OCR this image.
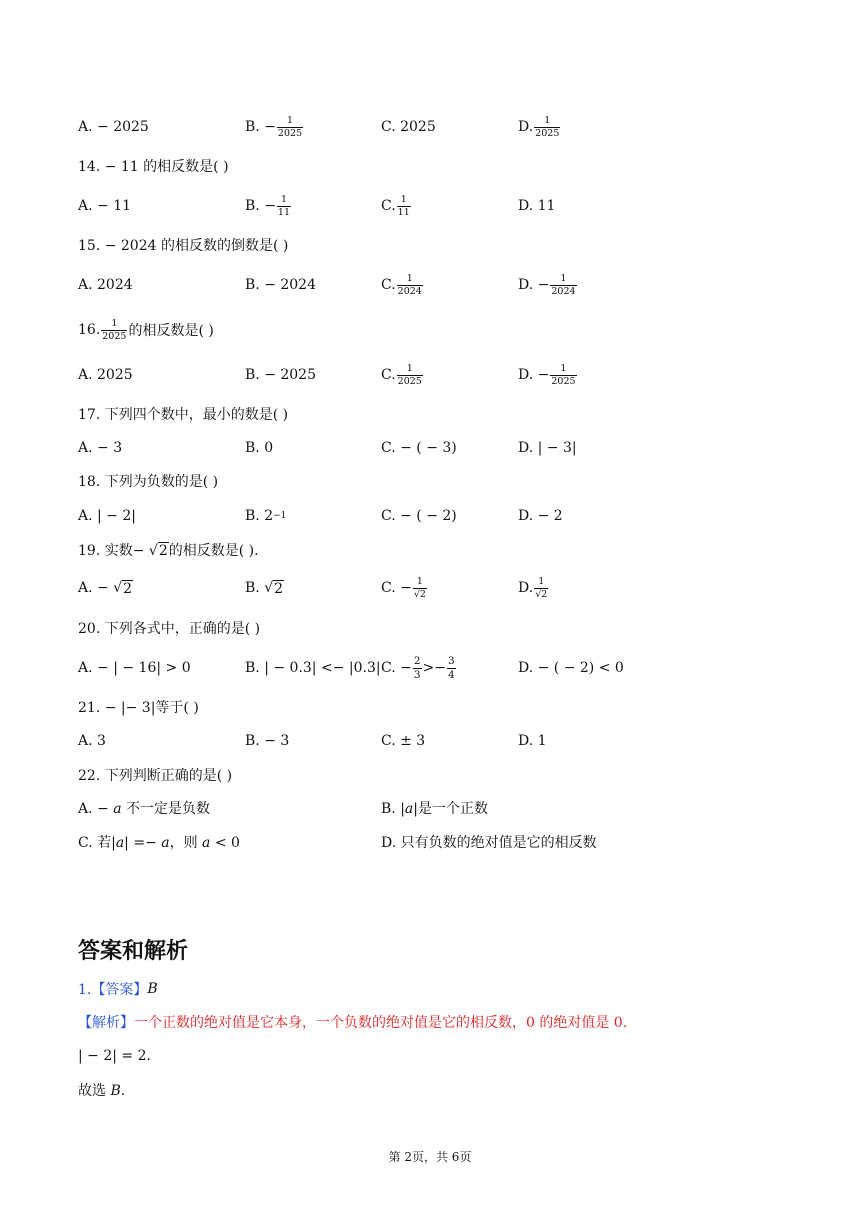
A. − 2025	B. − $\frac{1}{2025}$	C. 2025	D. $\frac{1}{2025}$
14. − 11 的相反数是( )
A. − 11	B. − $\frac{1}{11}$	C. $\frac{1}{11}$	D. 11
15. − 2024 的相反数的倒数是( )
A. 2024	B. − 2024	C. $\frac{1}{2024}$	D. − $\frac{1}{2024}$
16. $\frac{1}{2025}$ 的相反数是( )
A. 2025	B. − 2025	C. $\frac{1}{2025}$	D. − $\frac{1}{2025}$
17. 下列四个数中，最小的数是( )
A. − 3	B. 0	C. − ( − 3)	D. | − 3|
18. 下列为负数的是( )
A. | − 2|	B. 2 −1	C. − ( − 2)	D. − 2
19. 实数− √ 2 的相反数是( ).
A. − √ 2	B. √ 2	C. − $\frac{1}{√2}$	D. $\frac{1}{√2}$
20. 下列各式中，正确的是( )
A. − | − 16| > 0	B. | − 0.3| <− |0.3| C. − $\frac{2}{3} >- \frac{3}{4}$	D. − ( − 2) < 0
21. − |− 3|等于( )
A. 3	B. − 3	C. ± 3	D. 1
22. 下列判断正确的是( )
A. − 𝑎 不一定是负数	B. |𝑎|是一个正数
C. 若|𝑎| =− 𝑎，则 𝑎 < 0	D. 只有负数的绝对值是它的相反数
答案和解析
1.【答案】 𝐵
【解析】 一个正数的绝对值是它本身，一个负数的绝对值是它的相反数，0 的绝对值是 0.
| − 2| = 2.
故选 𝐵.
第 2页，共 6页
